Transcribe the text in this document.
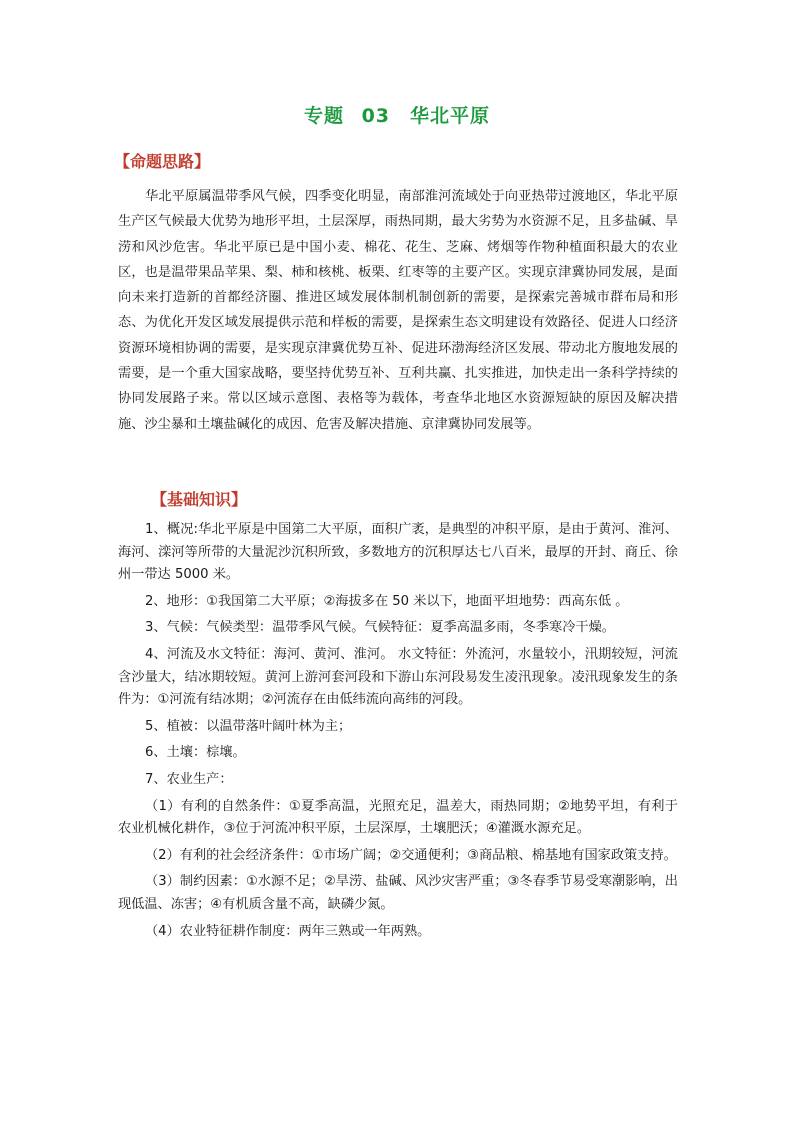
专题 03　华北平原
【命题思路】
华北平原属温带季风气候，四季变化明显，南部淮河流域处于向亚热带过渡地区，华北平原生产区气候最大优势为地形平坦，土层深厚，雨热同期，最大劣势为水资源不足，且多盐碱、旱涝和风沙危害。华北平原已是中国小麦、棉花、花生、芝麻、烤烟等作物种植面积最大的农业区，也是温带果品苹果、梨、柿和核桃、板栗、红枣等的主要产区。实现京津冀协同发展，是面向未来打造新的首都经济圈、推进区域发展体制机制创新的需要，是探索完善城市群布局和形态、为优化开发区域发展提供示范和样板的需要，是探索生态文明建设有效路径、促进人口经济资源环境相协调的需要，是实现京津冀优势互补、促进环渤海经济区发展、带动北方腹地发展的需要，是一个重大国家战略，要坚持优势互补、互利共赢、扎实推进，加快走出一条科学持续的协同发展路子来。常以区域示意图、表格等为载体，考查华北地区水资源短缺的原因及解决措施、沙尘暴和土壤盐碱化的成因、危害及解决措施、京津冀协同发展等。
【基础知识】

1、概况:华北平原是中国第二大平原，面积广袤，是典型的冲积平原，是由于黄河、淮河、海河、滦河等所带的大量泥沙沉积所致，多数地方的沉积厚达七八百米，最厚的开封、商丘、徐州一带达 5000 米。

2、地形：①我国第二大平原；②海拔多在 50 米以下，地面平坦地势：西高东低 。

3、气候：气候类型：温带季风气候。气候特征：夏季高温多雨，冬季寒冷干燥。

4、河流及水文特征：海河、黄河、淮河。 水文特征：外流河，水量较小，汛期较短，河流含沙量大，结冰期较短。黄河上游河套河段和下游山东河段易发生凌汛现象。凌汛现象发生的条件为：①河流有结冰期；②河流存在由低纬流向高纬的河段。

5、植被：以温带落叶阔叶林为主；

6、土壤：棕壤。

7、农业生产：

（1）有利的自然条件：①夏季高温，光照充足，温差大，雨热同期；②地势平坦，有利于农业机械化耕作，③位于河流冲积平原，土层深厚，土壤肥沃；④灌溉水源充足。

（2）有利的社会经济条件：①市场广阔；②交通便利；③商品粮、棉基地有国家政策支持。

（3）制约因素：①水源不足；②旱涝、盐碱、风沙灾害严重；③冬春季节易受寒潮影响，出现低温、冻害；④有机质含量不高，缺磷少氮。

（4）农业特征耕作制度：两年三熟或一年两熟。
